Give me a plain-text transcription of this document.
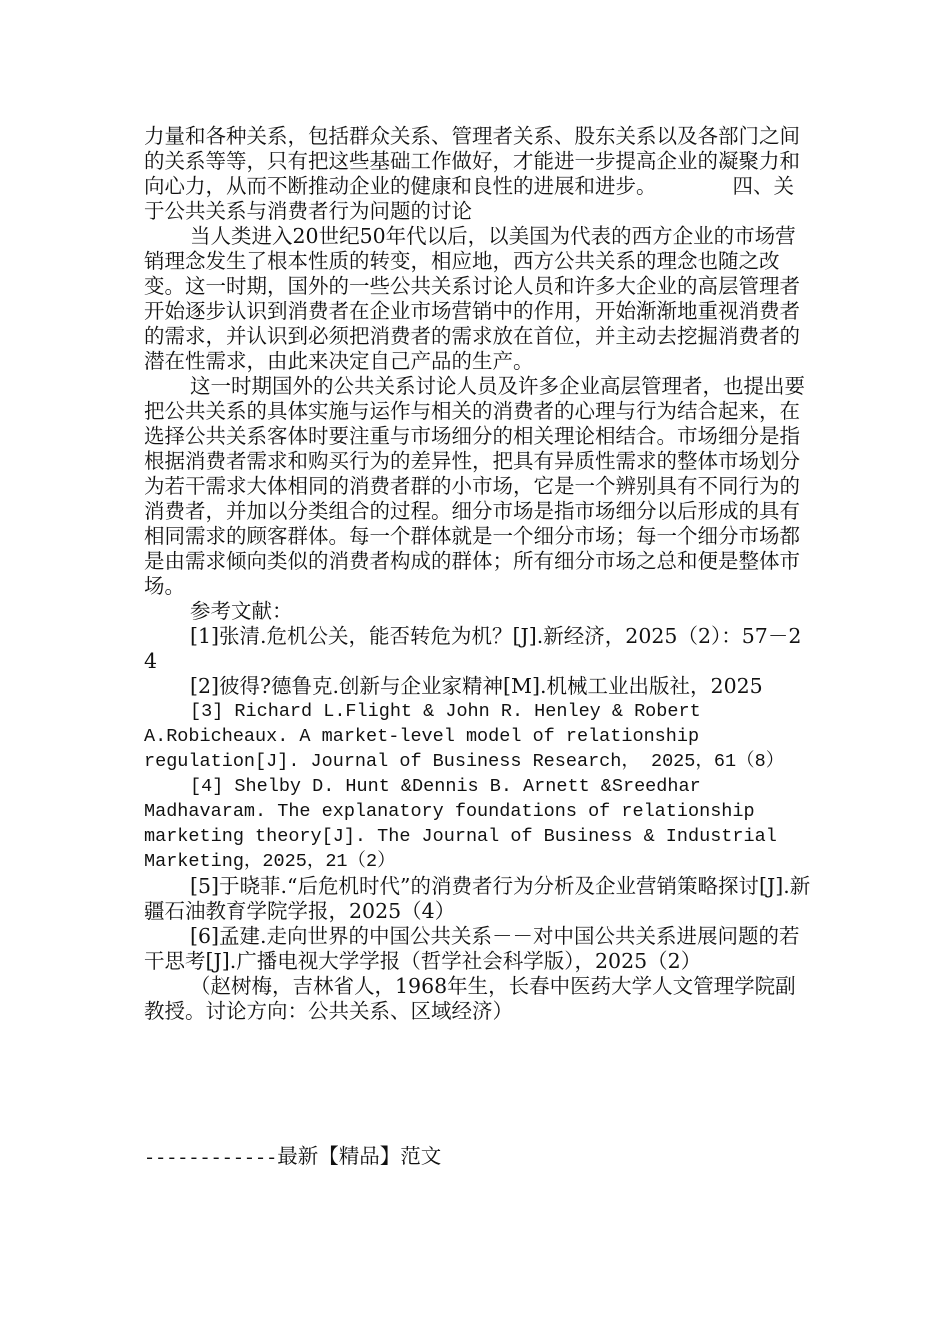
力量和各种关系，包括群众关系、管理者关系、股东关系以及各部门之间的关系等等，只有把这些基础工作做好，才能进一步提高企业的凝聚力和向心力，从而不断推动企业的健康和良性的进展和进步。	四、关于公共关系与消费者行为问题的讨论

当人类进入20世纪50年代以后，以美国为代表的西方企业的市场营销理念发生了根本性质的转变，相应地，西方公共关系的理念也随之改变。这一时期，国外的一些公共关系讨论人员和许多大企业的高层管理者开始逐步认识到消费者在企业市场营销中的作用，开始渐渐地重视消费者的需求，并认识到必须把消费者的需求放在首位，并主动去挖掘消费者的潜在性需求，由此来决定自己产品的生产。

这一时期国外的公共关系讨论人员及许多企业高层管理者，也提出要把公共关系的具体实施与运作与相关的消费者的心理与行为结合起来，在选择公共关系客体时要注重与市场细分的相关理论相结合。市场细分是指根据消费者需求和购买行为的差异性，把具有异质性需求的整体市场划分为若干需求大体相同的消费者群的小市场，它是一个辨别具有不同行为的消费者，并加以分类组合的过程。细分市场是指市场细分以后形成的具有相同需求的顾客群体。每一个群体就是一个细分市场；每一个细分市场都是由需求倾向类似的消费者构成的群体；所有细分市场之总和便是整体市场。

参考文献：

[1]张清.危机公关，能否转危为机？[J].新经济，2025（2）：57－24

[2]彼得?德鲁克.创新与企业家精神[M].机械工业出版社，2025

[3] Richard L.Flight & John R. Henley & Robert A.Robicheaux. A market-level model of relationship regulation[J]. Journal of Business Research， 2025，61（8）

[4] Shelby D. Hunt &Dennis B. Arnett &Sreedhar Madhavaram. The explanatory foundations of relationship marketing theory[J]. The Journal of Business & Industrial Marketing，2025，21（2）

[5]于晓菲.“后危机时代”的消费者行为分析及企业营销策略探讨[J].新疆石油教育学院学报，2025（4）

[6]孟建.走向世界的中国公共关系－－对中国公共关系进展问题的若干思考[J].广播电视大学学报（哲学社会科学版），2025（2）

（赵树梅，吉林省人，1968年生，长春中医药大学人文管理学院副教授。讨论方向：公共关系、区域经济）

------------最新【精品】范文
